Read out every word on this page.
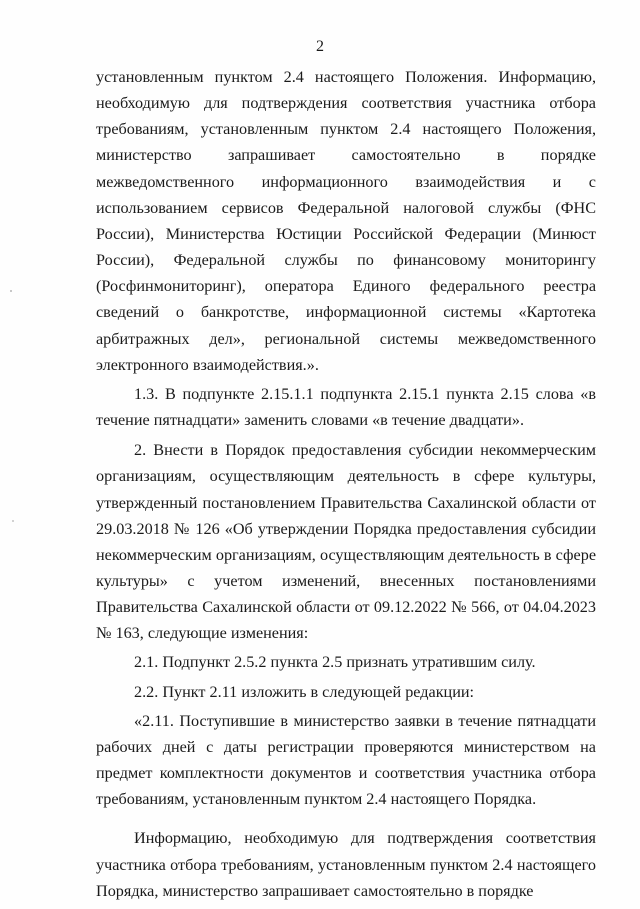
2

установленным пунктом 2.4 настоящего Положения. Информацию, необходимую для подтверждения соответствия участника отбора требованиям, установленным пунктом 2.4 настоящего Положения, министерство запрашивает самостоятельно в порядке межведомственного информационного взаимодействия и с использованием сервисов Федеральной налоговой службы (ФНС России), Министерства Юстиции Российской Федерации (Минюст России), Федеральной службы по финансовому мониторингу (Росфинмониторинг), оператора Единого федерального реестра сведений о банкротстве, информационной системы «Картотека арбитражных дел», региональной системы межведомственного электронного взаимодействия.».

1.3. В подпункте 2.15.1.1 подпункта 2.15.1 пункта 2.15 слова «в течение пятнадцати» заменить словами «в течение двадцати».

2. Внести в Порядок предоставления субсидии некоммерческим организациям, осуществляющим деятельность в сфере культуры, утвержденный постановлением Правительства Сахалинской области от 29.03.2018 № 126 «Об утверждении Порядка предоставления субсидии некоммерческим организациям, осуществляющим деятельность в сфере культуры» с учетом изменений, внесенных постановлениями Правительства Сахалинской области от 09.12.2022 № 566, от 04.04.2023 № 163, следующие изменения:

2.1. Подпункт 2.5.2 пункта 2.5 признать утратившим силу.

2.2. Пункт 2.11 изложить в следующей редакции:

«2.11. Поступившие в министерство заявки в течение пятнадцати рабочих дней с даты регистрации проверяются министерством на предмет комплектности документов и соответствия участника отбора требованиям, установленным пунктом 2.4 настоящего Порядка.

Информацию, необходимую для подтверждения соответствия участника отбора требованиям, установленным пунктом 2.4 настоящего Порядка, министерство запрашивает самостоятельно в порядке
